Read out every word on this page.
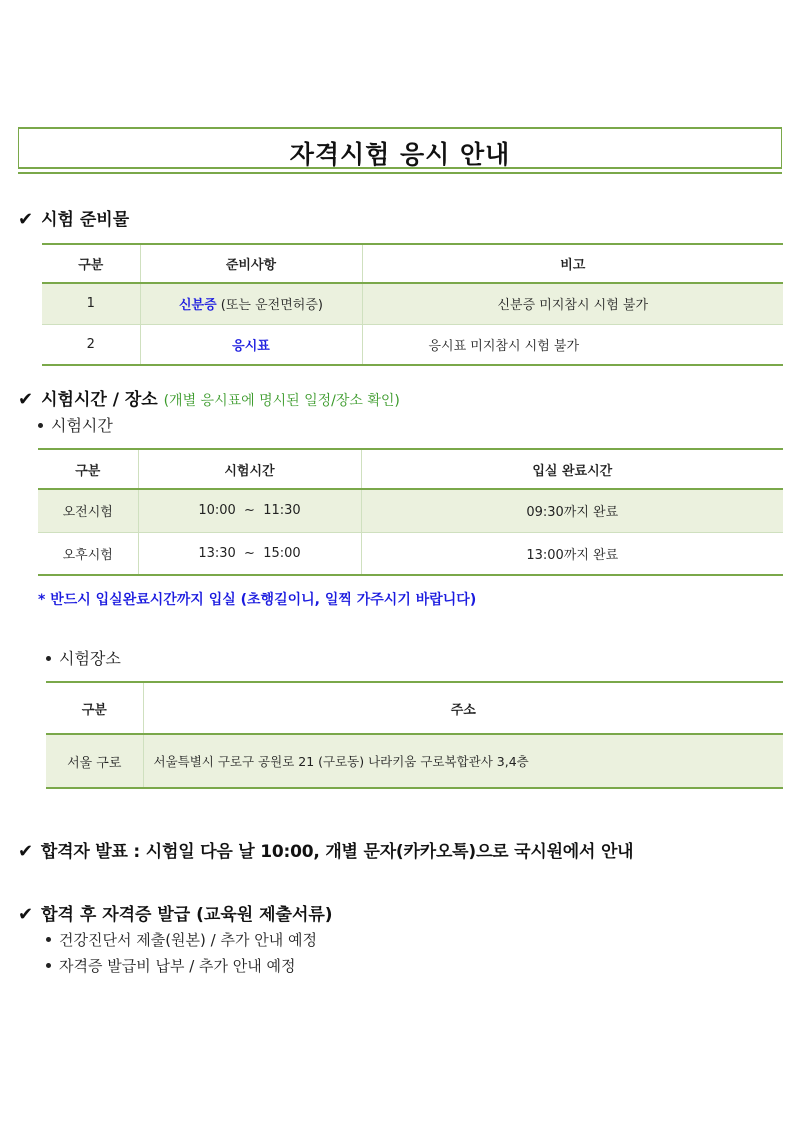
자격시험 응시 안내
✔ 시험 준비물
구분	준비사항	비고
1	신분증 (또는 운전면허증)	신분증 미지참시 시험 불가
2	응시표	응시표 미지참시 시험 불가
✔ 시험시간 / 장소 (개별 응시표에 명시된 일정/장소 확인)
시험시간
구분	시험시간	입실 완료시간
오전시험	10:00  ~  11:30	09:30까지 완료
오후시험	13:30  ~  15:00	13:00까지 완료
* 반드시 입실완료시간까지 입실 (초행길이니, 일찍 가주시기 바랍니다)
시험장소
구분	주소
서울 구로	서울특별시 구로구 공원로 21 (구로동) 나라키움 구로복합관사 3,4층
✔ 합격자 발표 : 시험일 다음 날 10:00, 개별 문자(카카오톡)으로 국시원에서 안내
✔ 합격 후 자격증 발급 (교육원 제출서류)
건강진단서 제출(원본) / 추가 안내 예정
자격증 발급비 납부 / 추가 안내 예정
